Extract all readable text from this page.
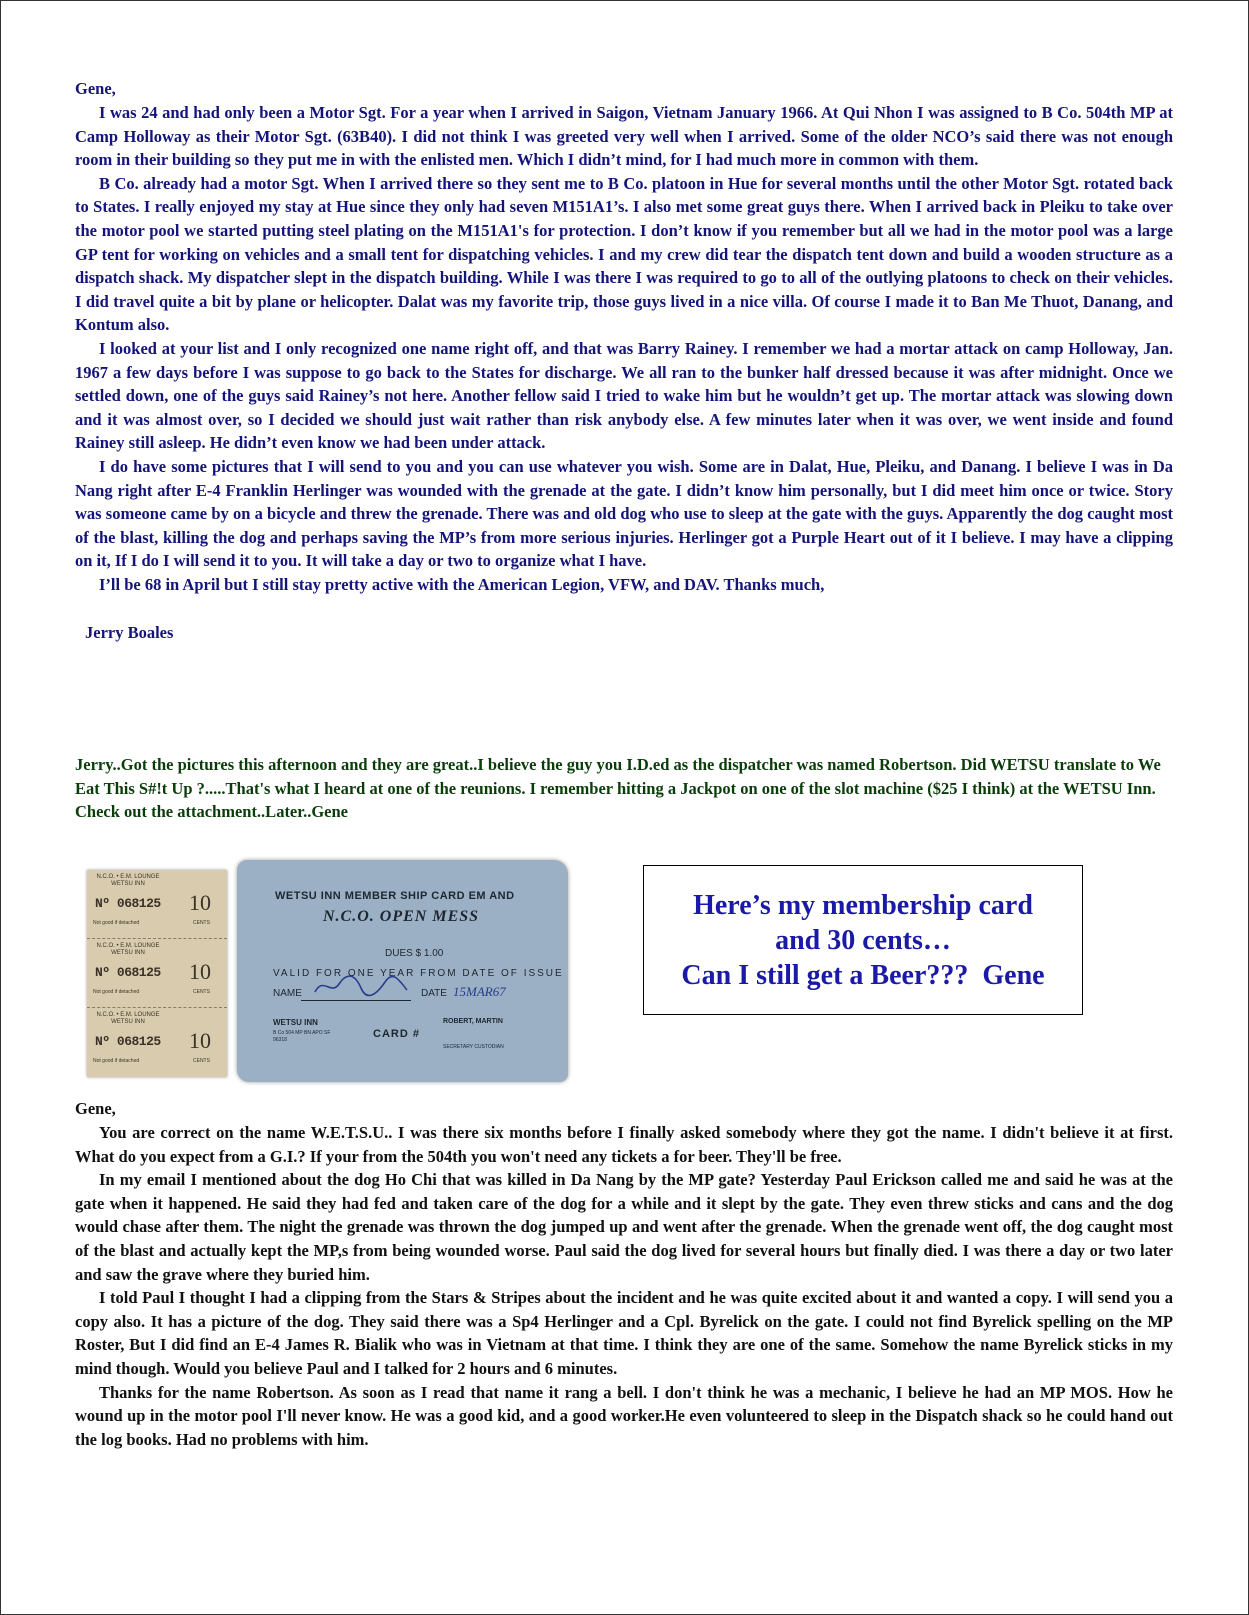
Gene,

I was 24 and had only been a Motor Sgt. For a year when I arrived in Saigon, Vietnam January 1966. At Qui Nhon I was assigned to B Co. 504th MP at Camp Holloway as their Motor Sgt. (63B40). I did not think I was greeted very well when I arrived. Some of the older NCO’s said there was not enough room in their building so they put me in with the enlisted men. Which I didn’t mind, for I had much more in common with them.

B Co. already had a motor Sgt. When I arrived there so they sent me to B Co. platoon in Hue for several months until the other Motor Sgt. rotated back to States. I really enjoyed my stay at Hue since they only had seven M151A1’s. I also met some great guys there. When I arrived back in Pleiku to take over the motor pool we started putting steel plating on the M151A1's for protection. I don’t know if you remember but all we had in the motor pool was a large GP tent for working on vehicles and a small tent for dispatching vehicles. I and my crew did tear the dispatch tent down and build a wooden structure as a dispatch shack. My dispatcher slept in the dispatch building. While I was there I was required to go to all of the outlying platoons to check on their vehicles. I did travel quite a bit by plane or helicopter. Dalat was my favorite trip, those guys lived in a nice villa. Of course I made it to Ban Me Thuot, Danang, and Kontum also.

I looked at your list and I only recognized one name right off, and that was Barry Rainey. I remember we had a mortar attack on camp Holloway, Jan. 1967 a few days before I was suppose to go back to the States for discharge. We all ran to the bunker half dressed because it was after midnight. Once we settled down, one of the guys said Rainey’s not here. Another fellow said I tried to wake him but he wouldn’t get up. The mortar attack was slowing down and it was almost over, so I decided we should just wait rather than risk anybody else. A few minutes later when it was over, we went inside and found Rainey still asleep. He didn’t even know we had been under attack.

I do have some pictures that I will send to you and you can use whatever you wish. Some are in Dalat, Hue, Pleiku, and Danang. I believe I was in Da Nang right after E-4 Franklin Herlinger was wounded with the grenade at the gate. I didn’t know him personally, but I did meet him once or twice. Story was someone came by on a bicycle and threw the grenade. There was and old dog who use to sleep at the gate with the guys. Apparently the dog caught most of the blast, killing the dog and perhaps saving the MP’s from more serious injuries. Herlinger got a Purple Heart out of it I believe. I may have a clipping on it, If I do I will send it to you. It will take a day or two to organize what I have.

I’ll be 68 in April but I still stay pretty active with the American Legion, VFW, and DAV. Thanks much,

Jerry Boales

Jerry..Got the pictures this afternoon and they are great..I believe the guy you I.D.ed as the dispatcher was named Robertson. Did WETSU translate to We Eat This S#!t Up ?.....That's what I heard at one of the reunions. I remember hitting a Jackpot on one of the slot machine ($25 I think) at the WETSU Inn. Check out the attachment..Later..Gene

N.C.O. • E.M. LOUNGE WETSU INN
Nº 068125 10
Not good if detached	CENTS
N.C.O. • E.M. LOUNGE WETSU INN
Nº 068125 10
Not good if detached	CENTS
N.C.O. • E.M. LOUNGE WETSU INN
Nº 068125 10
Not good if detached	CENTS
WETSU INN MEMBER SHIP CARD EM AND
N.C.O. OPEN MESS
DUES $ 1.00
VALID FOR ONE YEAR FROM DATE OF ISSUE
NAME	DATE 15MAR67
WETSU INN
B Co 504 MP BN APO SF 96318	CARD #
ROBERT, MARTIN
SECRETARY CUSTODIAN
Here’s my membership card
and 30 cents…
Can I still get a Beer???  Gene

Gene,

You are correct on the name W.E.T.S.U.. I was there six months before I finally asked somebody where they got the name. I didn't believe it at first. What do you expect from a G.I.? If your from the 504th you won't need any tickets a for beer. They'll be free.

In my email I mentioned about the dog Ho Chi that was killed in Da Nang by the MP gate? Yesterday Paul Erickson called me and said he was at the gate when it happened. He said they had fed and taken care of the dog for a while and it slept by the gate. They even threw sticks and cans and the dog would chase after them. The night the grenade was thrown the dog jumped up and went after the grenade. When the grenade went off, the dog caught most of the blast and actually kept the MP,s from being wounded worse. Paul said the dog lived for several hours but finally died. I was there a day or two later and saw the grave where they buried him.

I told Paul I thought I had a clipping from the Stars & Stripes about the incident and he was quite excited about it and wanted a copy. I will send you a copy also. It has a picture of the dog. They said there was a Sp4 Herlinger and a Cpl. Byrelick on the gate. I could not find Byrelick spelling on the MP Roster, But I did find an E-4 James R. Bialik who was in Vietnam at that time. I think they are one of the same. Somehow the name Byrelick sticks in my mind though. Would you believe Paul and I talked for 2 hours and 6 minutes.

Thanks for the name Robertson. As soon as I read that name it rang a bell. I don't think he was a mechanic, I believe he had an MP MOS. How he wound up in the motor pool I'll never know. He was a good kid, and a good worker.He even volunteered to sleep in the Dispatch shack so he could hand out the log books. Had no problems with him.
